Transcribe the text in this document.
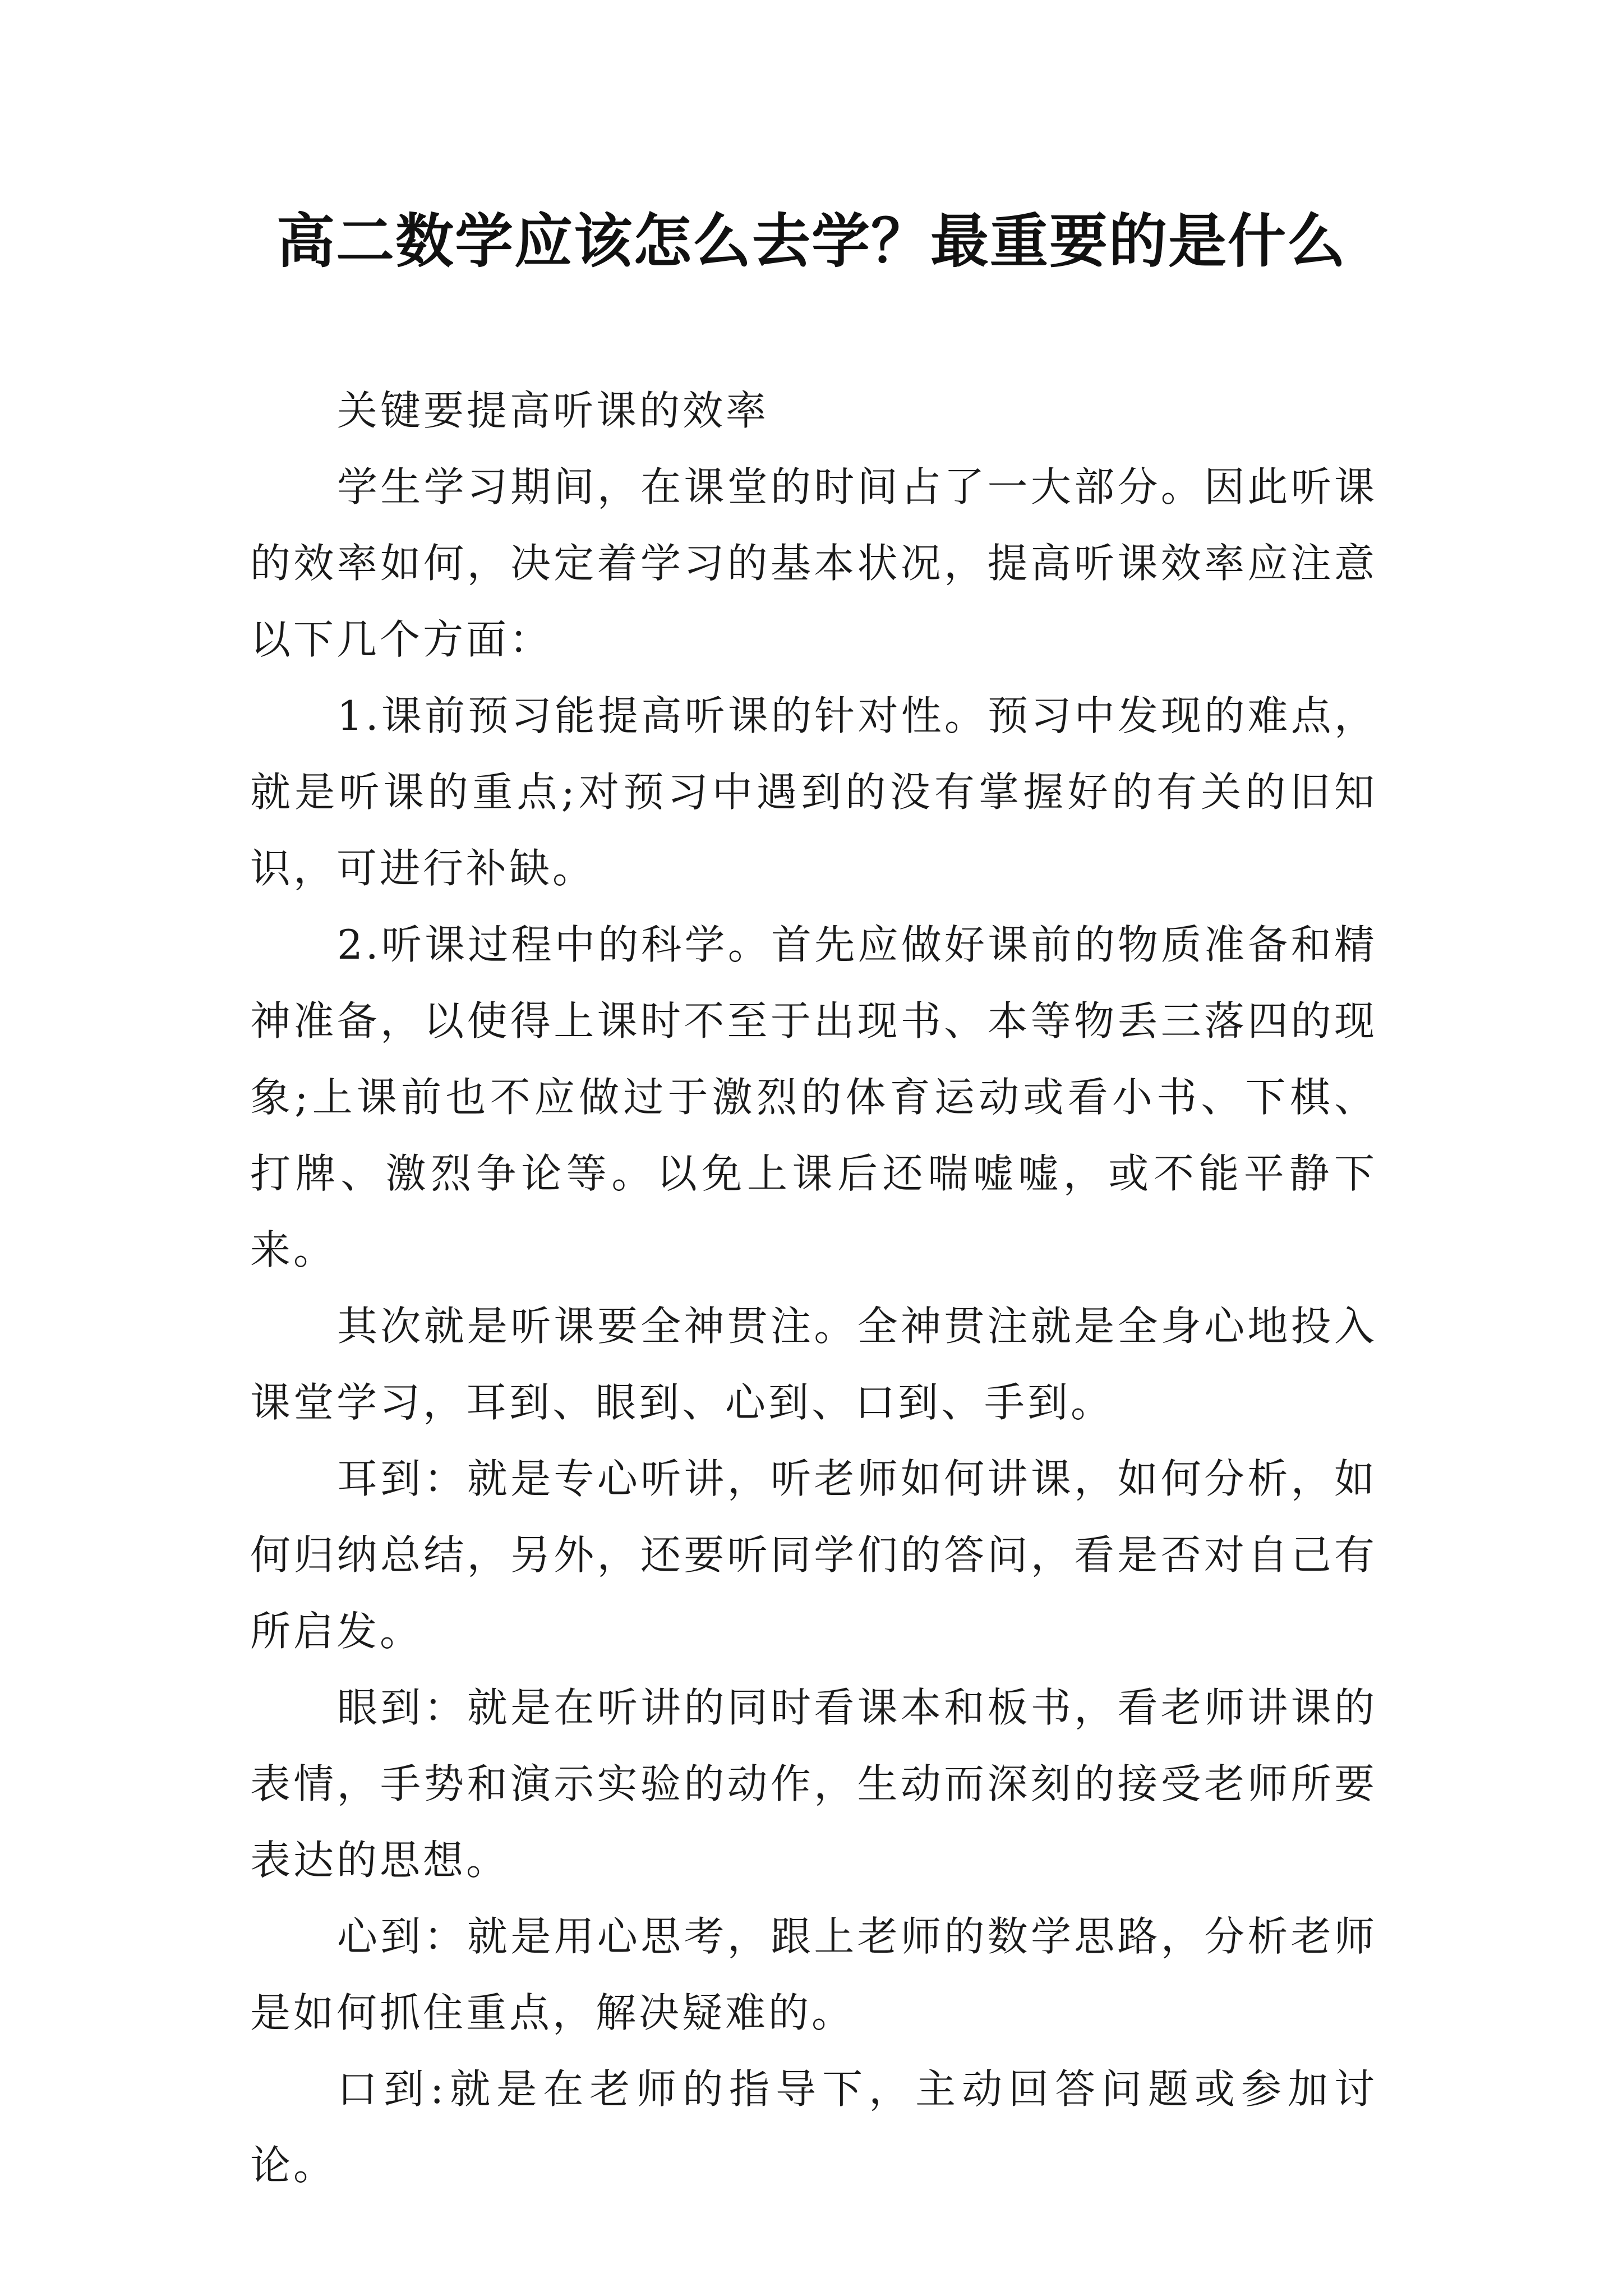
高二数学应该怎么去学？最重要的是什么

关键要提高听课的效率

学生学习期间，在课堂的时间占了一大部分。因此听课的效率如何，决定着学习的基本状况，提高听课效率应注意以下几个方面：

1.课前预习能提高听课的针对性。预习中发现的难点，就是听课的重点;对预习中遇到的没有掌握好的有关的旧知识，可进行补缺。

2.听课过程中的科学。首先应做好课前的物质准备和精神准备，以使得上课时不至于出现书、本等物丢三落四的现象;上课前也不应做过于激烈的体育运动或看小书、下棋、打牌、激烈争论等。以免上课后还喘嘘嘘，或不能平静下来。

其次就是听课要全神贯注。全神贯注就是全身心地投入课堂学习，耳到、眼到、心到、口到、手到。

耳到：就是专心听讲，听老师如何讲课，如何分析，如何归纳总结，另外，还要听同学们的答问，看是否对自己有所启发。

眼到：就是在听讲的同时看课本和板书，看老师讲课的表情，手势和演示实验的动作，生动而深刻的接受老师所要表达的思想。

心到：就是用心思考，跟上老师的数学思路，分析老师是如何抓住重点，解决疑难的。

口到:就是在老师的指导下，主动回答问题或参加讨论。
